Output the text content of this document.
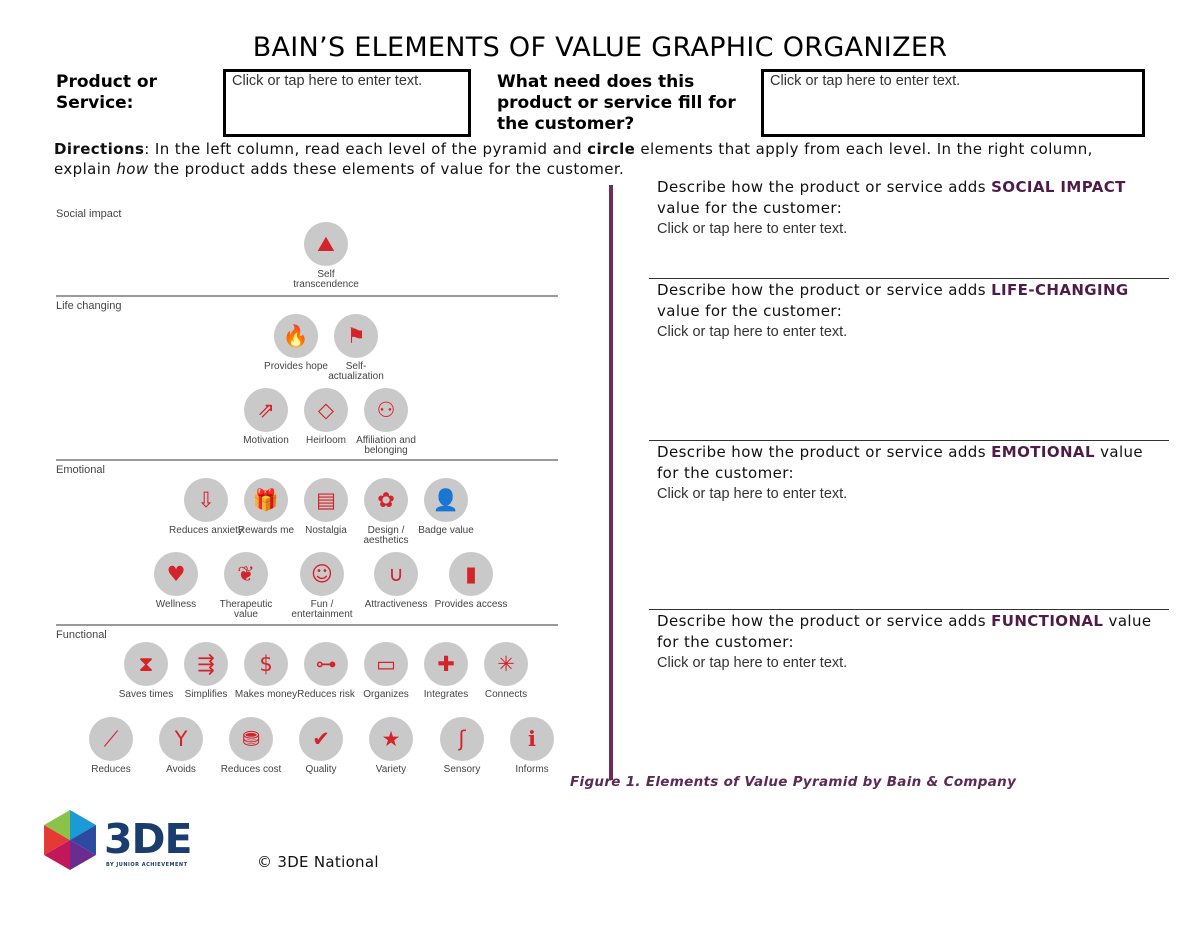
BAIN’S ELEMENTS OF VALUE GRAPHIC ORGANIZER
Product or Service:
Click or tap here to enter text.	What need does this product or service fill for the customer?
Click or tap here to enter text.
Directions: In the left column, read each level of the pyramid and circle elements that apply from each level. In the right column, explain how the product adds these elements of value for the customer.
Social impact
Life changing
Emotional
Functional
⛰
Self transcendence
🔥
Provides hope
⚑
Self-actualization
⇗
Motivation
◇
Heirloom
⚇
Affiliation and belonging
⇩
Reduces anxiety
🎁
Rewards me
▤
Nostalgia
✿
Design / aesthetics
👤
Badge value
♥
Wellness
❦
Therapeutic value
☺
Fun / entertainment
∪
Attractiveness
▮
Provides access
⧗
Saves times
⇶
Simplifies
$
Makes money
⊶
Reduces risk
▭
Organizes
✚
Integrates
✳
Connects
⟋
Reduces
Y
Avoids
⛃
Reduces cost
✔
Quality
★
Variety
ʃ
Sensory
ℹ
Informs
Figure 1. Elements of Value Pyramid by Bain & Company
Describe how the product or service adds SOCIAL IMPACT value for the customer:
Click or tap here to enter text.
Describe how the product or service adds LIFE-CHANGING value for the customer:
Click or tap here to enter text.
Describe how the product or service adds EMOTIONAL value for the customer:
Click or tap here to enter text.
Describe how the product or service adds FUNCTIONAL value for the customer:
Click or tap here to enter text.
3DE
BY JUNIOR ACHIEVEMENT	© 3DE National
